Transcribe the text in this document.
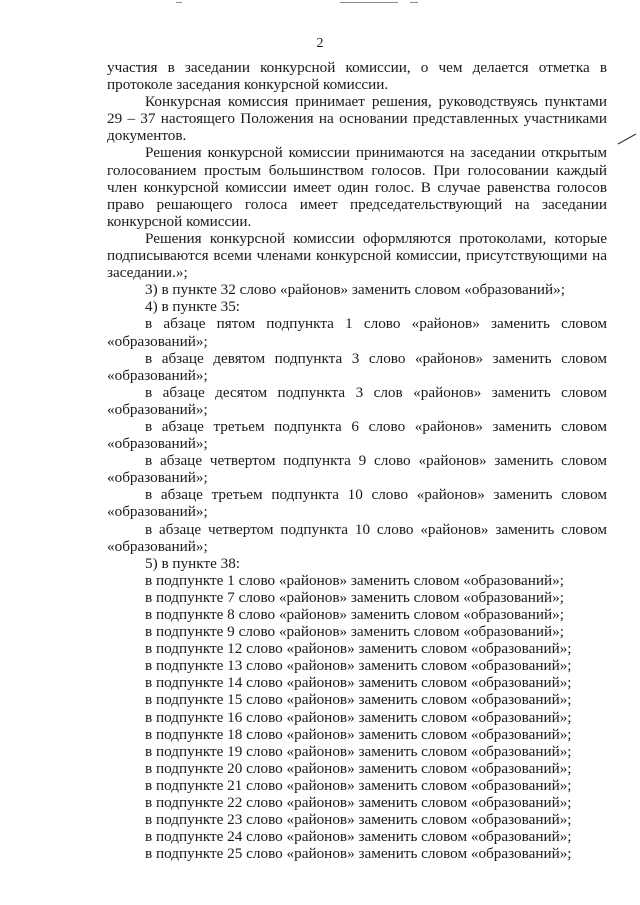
2

участия в заседании конкурсной комиссии, о чем делается отметка в протоколе заседания конкурсной комиссии.

Конкурсная комиссия принимает решения, руководствуясь пунктами 29 – 37 настоящего Положения на основании представленных участниками документов.

Решения конкурсной комиссии принимаются на заседании открытым голосованием простым большинством голосов. При голосовании каждый член конкурсной комиссии имеет один голос. В случае равенства голосов право решающего голоса имеет председательствующий на заседании конкурсной комиссии.

Решения конкурсной комиссии оформляются протоколами, которые подписываются всеми членами конкурсной комиссии, присутствующими на заседании.»;

3) в пункте 32 слово «районов» заменить словом «образований»;

4) в пункте 35:

в абзаце пятом подпункта 1 слово «районов» заменить словом «образований»;

в абзаце девятом подпункта 3 слово «районов» заменить словом «образований»;

в абзаце десятом подпункта 3 слов «районов» заменить словом «образований»;

в абзаце третьем подпункта 6 слово «районов» заменить словом «образований»;

в абзаце четвертом подпункта 9 слово «районов» заменить словом «образований»;

в абзаце третьем подпункта 10 слово «районов» заменить словом «образований»;

в абзаце четвертом подпункта 10 слово «районов» заменить словом «образований»;

5) в пункте 38:

в подпункте 1 слово «районов» заменить словом «образований»;

в подпункте 7 слово «районов» заменить словом «образований»;

в подпункте 8 слово «районов» заменить словом «образований»;

в подпункте 9 слово «районов» заменить словом «образований»;

в подпункте 12 слово «районов» заменить словом «образований»;

в подпункте 13 слово «районов» заменить словом «образований»;

в подпункте 14 слово «районов» заменить словом «образований»;

в подпункте 15 слово «районов» заменить словом «образований»;

в подпункте 16 слово «районов» заменить словом «образований»;

в подпункте 18 слово «районов» заменить словом «образований»;

в подпункте 19 слово «районов» заменить словом «образований»;

в подпункте 20 слово «районов» заменить словом «образований»;

в подпункте 21 слово «районов» заменить словом «образований»;

в подпункте 22 слово «районов» заменить словом «образований»;

в подпункте 23 слово «районов» заменить словом «образований»;

в подпункте 24 слово «районов» заменить словом «образований»;

в подпункте 25 слово «районов» заменить словом «образований»;
